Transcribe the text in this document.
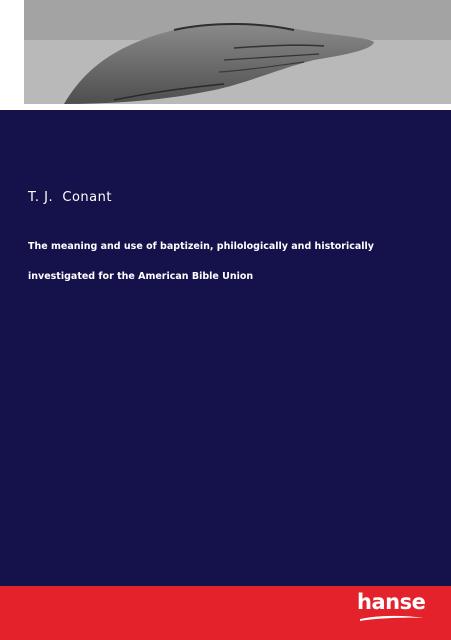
T. J.  Conant
The meaning and use of baptizein, philologically and historically investigated for the American Bible Union
hanse
